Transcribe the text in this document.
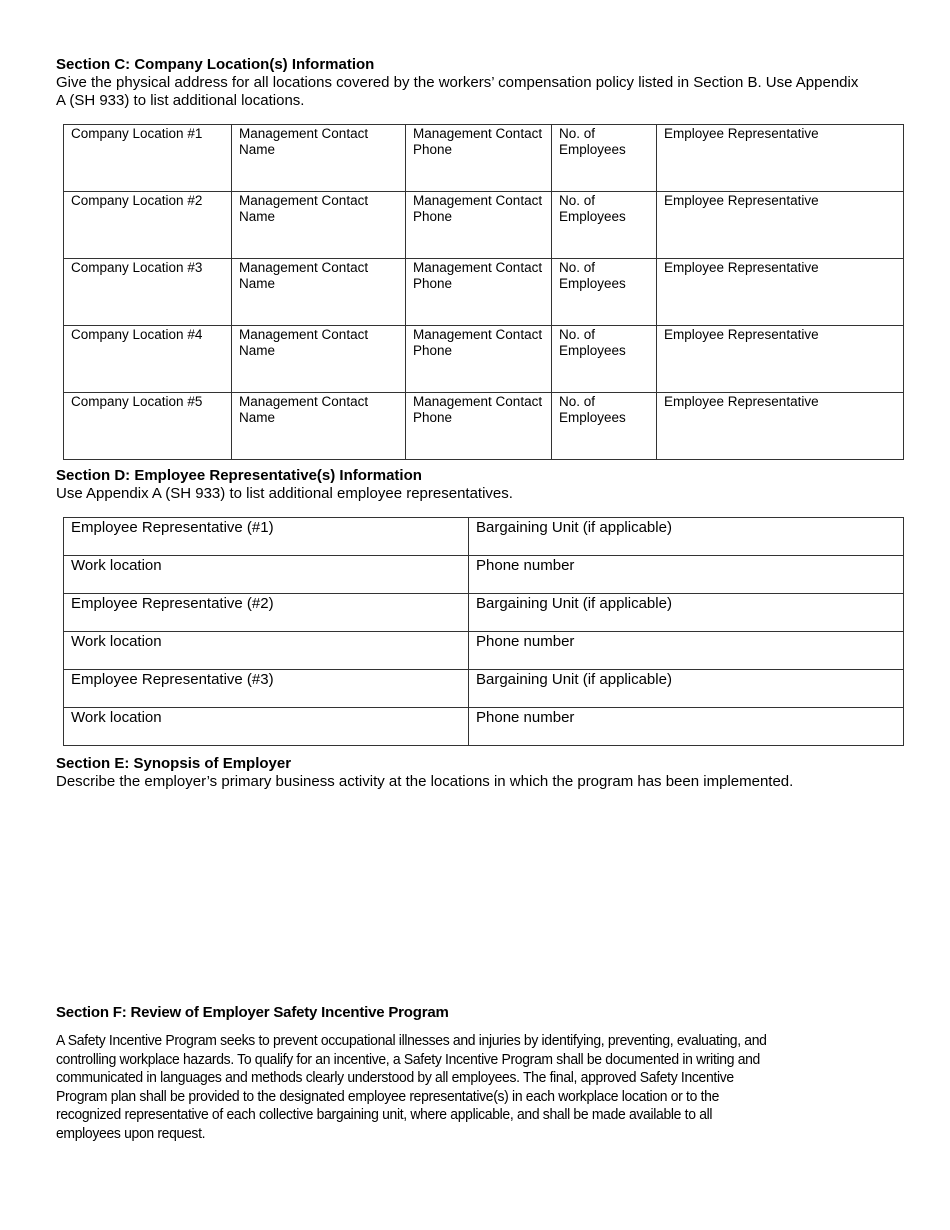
Section C: Company Location(s) Information
Give the physical address for all locations covered by the workers’ compensation policy listed in Section B. Use Appendix
A (SH 933) to list additional locations.
Company Location #1	Management Contact Name	Management Contact Phone	No. of Employees	Employee Representative
Company Location #2	Management Contact Name	Management Contact Phone	No. of Employees	Employee Representative
Company Location #3	Management Contact Name	Management Contact Phone	No. of Employees	Employee Representative
Company Location #4	Management Contact Name	Management Contact Phone	No. of Employees	Employee Representative
Company Location #5	Management Contact Name	Management Contact Phone	No. of Employees	Employee Representative
Section D: Employee Representative(s) Information
Use Appendix A (SH 933) to list additional employee representatives.
Employee Representative (#1)	Bargaining Unit (if applicable)
Work location	Phone number
Employee Representative (#2)	Bargaining Unit (if applicable)
Work location	Phone number
Employee Representative (#3)	Bargaining Unit (if applicable)
Work location	Phone number
Section E: Synopsis of Employer
Describe the employer’s primary business activity at the locations in which the program has been implemented.
Section F: Review of Employer Safety Incentive Program
A Safety Incentive Program seeks to prevent occupational illnesses and injuries by identifying, preventing, evaluating, and
controlling workplace hazards. To qualify for an incentive, a Safety Incentive Program shall be documented in writing and
communicated in languages and methods clearly understood by all employees. The final, approved Safety Incentive
Program plan shall be provided to the designated employee representative(s) in each workplace location or to the
recognized representative of each collective bargaining unit, where applicable, and shall be made available to all
employees upon request.
